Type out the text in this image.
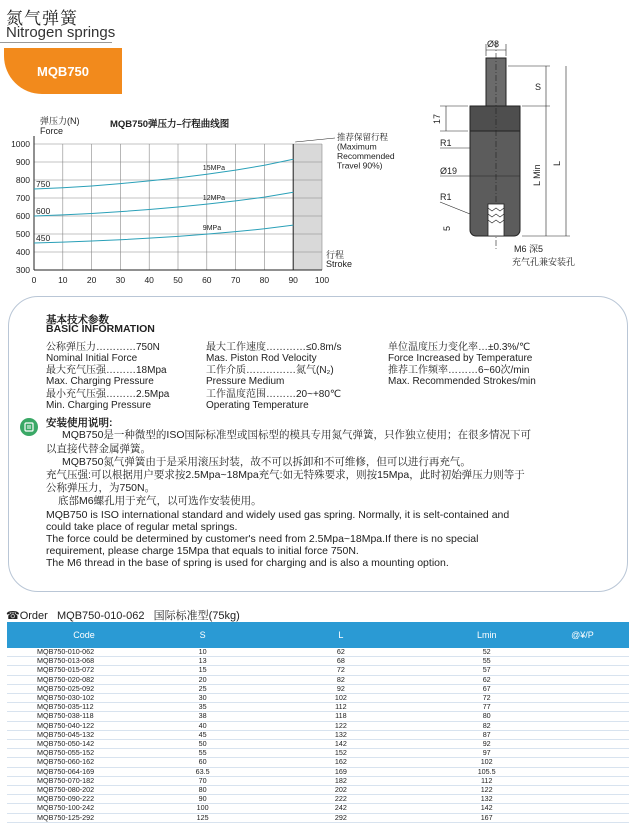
氮气弹簧
Nitrogen springs
MQB750
弹压力(N)
Force
MQB750弹压力–行程曲线图
行程
Stroke
300
400
500
600
700
800
900
1000
0	10 20 30 40 50 60 70 80 90 100
15MPa
750
12MPa
600
9MPa
450
推荐保留行程
(Maximum
Recommended
Travel 90%)
Ø8
S
L
L Min
17
R1
Ø19
R1
5
M6 深5
充气孔兼安装孔
基本技术参数
BASIC INFORMATION
公称弹压力…………750N
Nominal Initial Force
最大充气压强………18Mpa
Max. Charging Pressure
最小充气压强………2.5Mpa
Min. Charging Pressure
最大工作速度…………≤0.8m/s
Mas. Piston Rod Velocity
工作介质……………氮气(N₂)
Pressure Medium
工作温度范围………20~+80℃
Operating Temperature
单位温度压力变化率…±0.3%/℃
Force Increased by Temperature
推荐工作频率………6~60次/min
Max. Recommended Strokes/min
安装使用说明:
MQB750是一种微型的ISO国际标准型或国标型的模具专用氮气弹簧，只作独立使用；在很多情况下可
以直接代替金属弹簧。
MQB750氮气弹簧由于是采用滚压封装，故不可以拆卸和不可维修，但可以进行再充气。
充气压强:可以根据用户要求按2.5Mpa~18Mpa充气:如无特殊要求，则按15Mpa，此时初始弹压力则等于
公称弹压力，为750N。
底部M6螺孔用于充气，以可选作安装使用。
MQB750 is ISO international standard and widely used gas spring. Normally, it is selt-contained and
could take place of regular metal springs.
The force could be determined by customer's need from 2.5Mpa~18Mpa.If there is no special
requirement, please charge 15Mpa that equals to initial force 750N.
The M6 thread in the base of spring is used for charging and is also a mounting option.
☎Order MQB750-010-062 国际标准型(75kg)
Code	S	L	Lmin	@¥/P
MQB750-010-062	10	62	52	
MQB750-013-068	13	68	55	
MQB750-015-072	15	72	57	
MQB750-020-082	20	82	62	
MQB750-025-092	25	92	67	
MQB750-030-102	30	102	72	
MQB750-035-112	35	112	77	
MQB750-038-118	38	118	80	
MQB750-040-122	40	122	82	
MQB750-045-132	45	132	87	
MQB750-050-142	50	142	92	
MQB750-055-152	55	152	97	
MQB750-060-162	60	162	102	
MQB750-064-169	63.5	169	105.5	
MQB750-070-182	70	182	112	
MQB750-080-202	80	202	122	
MQB750-090-222	90	222	132	
MQB750-100-242	100	242	142	
MQB750-125-292	125	292	167	
